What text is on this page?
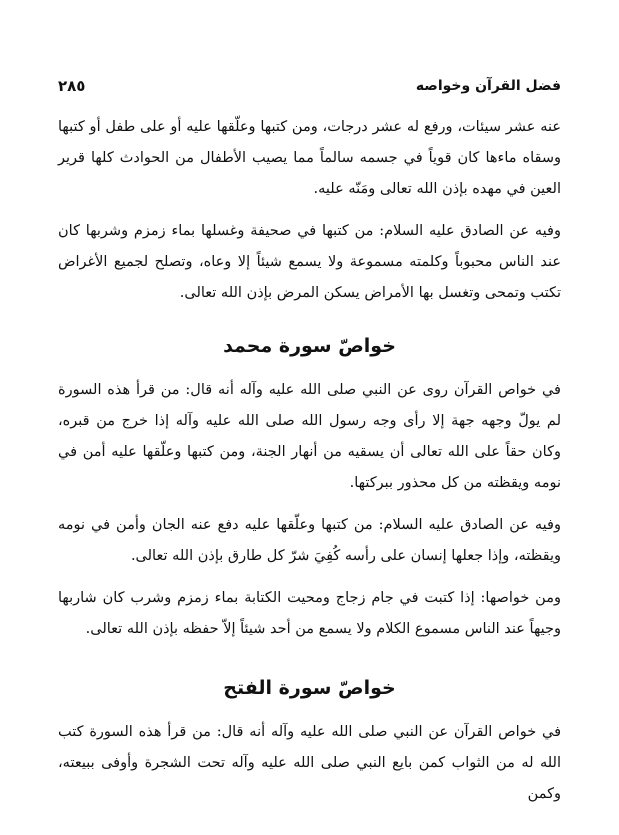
فضل القرآن وخواصه
٢٨٥

عنه عشر سيئات، ورفع له عشر درجات، ومن كتبها وعلّقها عليه أو على طفل أو كتبها وسقاه ماءها كان قوياً في جسمه سالماً مما يصيب الأطفال من الحوادث كلها قرير العين في مهده بإذن الله تعالى ومَنّه عليه.

وفيه عن الصادق عليه السلام: من كتبها في صحيفة وغسلها بماء زمزم وشربها كان عند الناس محبوباً وكلمته مسموعة ولا يسمع شيئاً إلا وعاه، وتصلح لجميع الأغراض تكتب وتمحى وتغسل بها الأمراض يسكن المرض بإذن الله تعالى.

خواصّ سورة محمد

في خواص القرآن روى عن النبي صلى الله عليه وآله أنه قال: من قرأ هذه السورة لم يولّ وجهه جهة إلا رأى وجه رسول الله صلى الله عليه وآله إذا خرج من قبره، وكان حقاً على الله تعالى أن يسقيه من أنهار الجنة، ومن كتبها وعلّقها عليه أمن في نومه ويقظته من كل محذور ببركتها.

وفيه عن الصادق عليه السلام: من كتبها وعلّقها عليه دفع عنه الجان وأمن في نومه ويقظته، وإذا جعلها إنسان على رأسه كُفِيَ شرّ كل طارق بإذن الله تعالى.

ومن خواصها: إذا كتبت في جام زجاج ومحيت الكتابة بماء زمزم وشرب كان شاربها وجيهاً عند الناس مسموع الكلام ولا يسمع من أحد شيئاً إلاّ حفظه بإذن الله تعالى.

خواصّ سورة الفتح

في خواص القرآن عن النبي صلى الله عليه وآله أنه قال: من قرأ هذه السورة كتب الله له من الثواب كمن بايع النبي صلى الله عليه وآله تحت الشجرة وأوفى ببيعته، وكمن
